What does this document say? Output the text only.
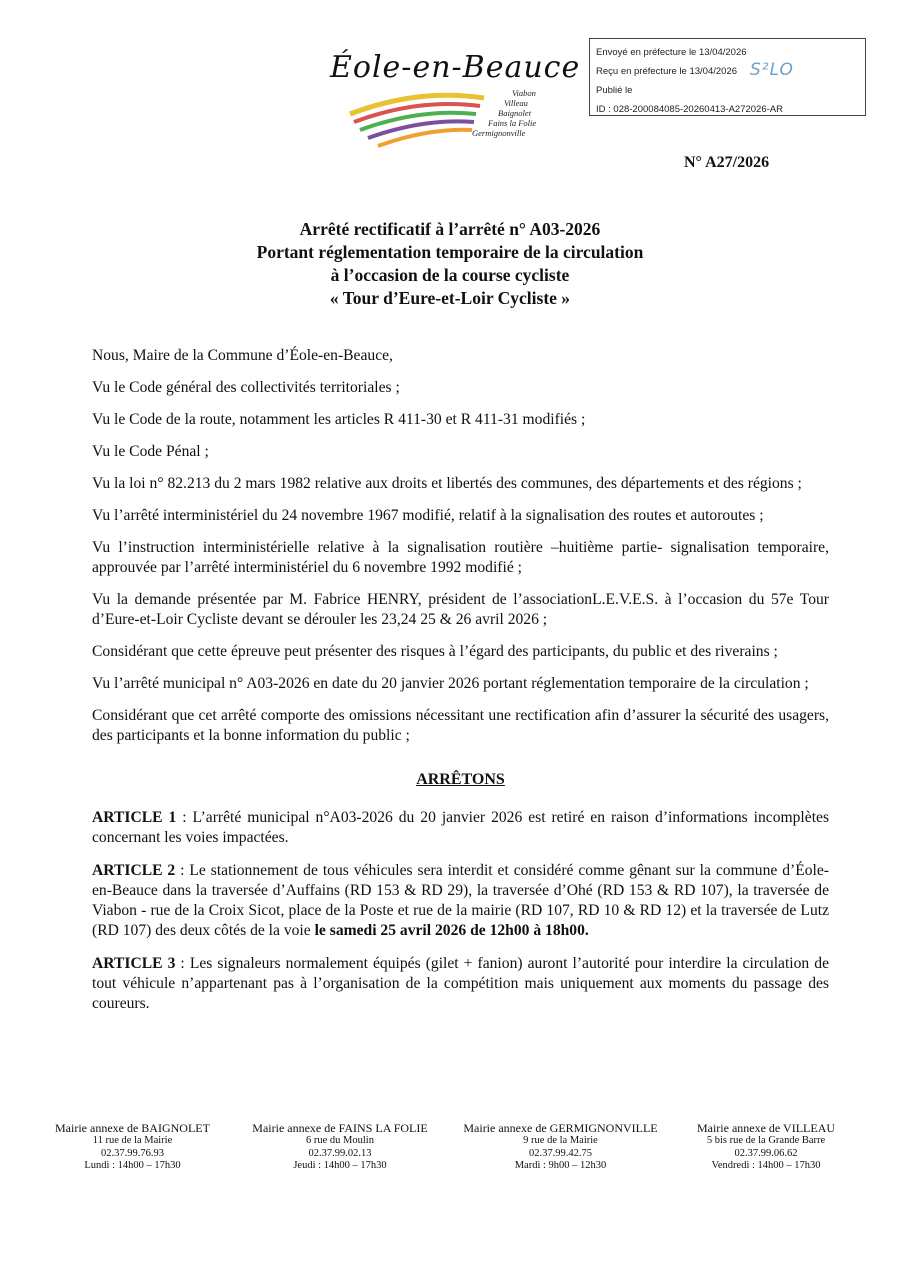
Éole-en-Beauce
Viabon
Villeau
Baignolet
Fains la Folie
Germignonville
Envoyé en préfecture le 13/04/2026
Reçu en préfecture le 13/04/2026
Publié le
ID : 028-200084085-20260413-A272026-AR
S²LO
N° A27/2026
Arrêté rectificatif à l’arrêté n° A03-2026
Portant réglementation temporaire de la circulation
à l’occasion de la course cycliste
« Tour d’Eure-et-Loir Cycliste »

Nous, Maire de la Commune d’Éole-en-Beauce,

Vu le Code général des collectivités territoriales ;

Vu le Code de la route, notamment les articles R 411-30 et R 411-31 modifiés ;

Vu le Code Pénal ;

Vu la loi n° 82.213 du 2 mars 1982 relative aux droits et libertés des communes, des départements et des régions ;

Vu l’arrêté interministériel du 24 novembre 1967 modifié, relatif à la signalisation des routes et autoroutes ;

Vu l’instruction interministérielle relative à la signalisation routière –huitième partie- signalisation temporaire, approuvée par l’arrêté interministériel du 6 novembre 1992 modifié ;

Vu la demande présentée par M. Fabrice HENRY, président de l’associationL.E.V.E.S. à l’occasion du 57e Tour d’Eure-et-Loir Cycliste devant se dérouler les 23,24 25 & 26 avril 2026 ;

Considérant que cette épreuve peut présenter des risques à l’égard des participants, du public et des riverains ;

Vu l’arrêté municipal n° A03-2026 en date du 20 janvier 2026 portant réglementation temporaire de la circulation ;

Considérant que cet arrêté comporte des omissions nécessitant une rectification afin d’assurer la sécurité des usagers, des participants et la bonne information du public ;

ARRÊTONS

ARTICLE 1 : L’arrêté municipal n°A03-2026 du 20 janvier 2026 est retiré en raison d’informations incomplètes concernant les voies impactées.

ARTICLE 2 : Le stationnement de tous véhicules sera interdit et considéré comme gênant sur la commune d’Éole-en-Beauce dans la traversée d’Auffains (RD 153 & RD 29), la traversée d’Ohé (RD 153 & RD 107), la traversée de Viabon - rue de la Croix Sicot, place de la Poste et rue de la mairie (RD 107, RD 10 & RD 12) et la traversée de Lutz (RD 107) des deux côtés de la voie le samedi 25 avril 2026 de 12h00 à 18h00.

ARTICLE 3 : Les signaleurs normalement équipés (gilet + fanion) auront l’autorité pour interdire la circulation de tout véhicule n’appartenant pas à l’organisation de la compétition mais uniquement aux moments du passage des coureurs.

Mairie annexe de BAIGNOLET
11 rue de la Mairie
02.37.99.76.93
Lundi : 14h00 – 17h30
Mairie annexe de FAINS LA FOLIE
6 rue du Moulin
02.37.99.02.13
Jeudi : 14h00 – 17h30
Mairie annexe de GERMIGNONVILLE
9 rue de la Mairie
02.37.99.42.75
Mardi : 9h00 – 12h30
Mairie annexe de VILLEAU
5 bis rue de la Grande Barre
02.37.99.06.62
Vendredi : 14h00 – 17h30
